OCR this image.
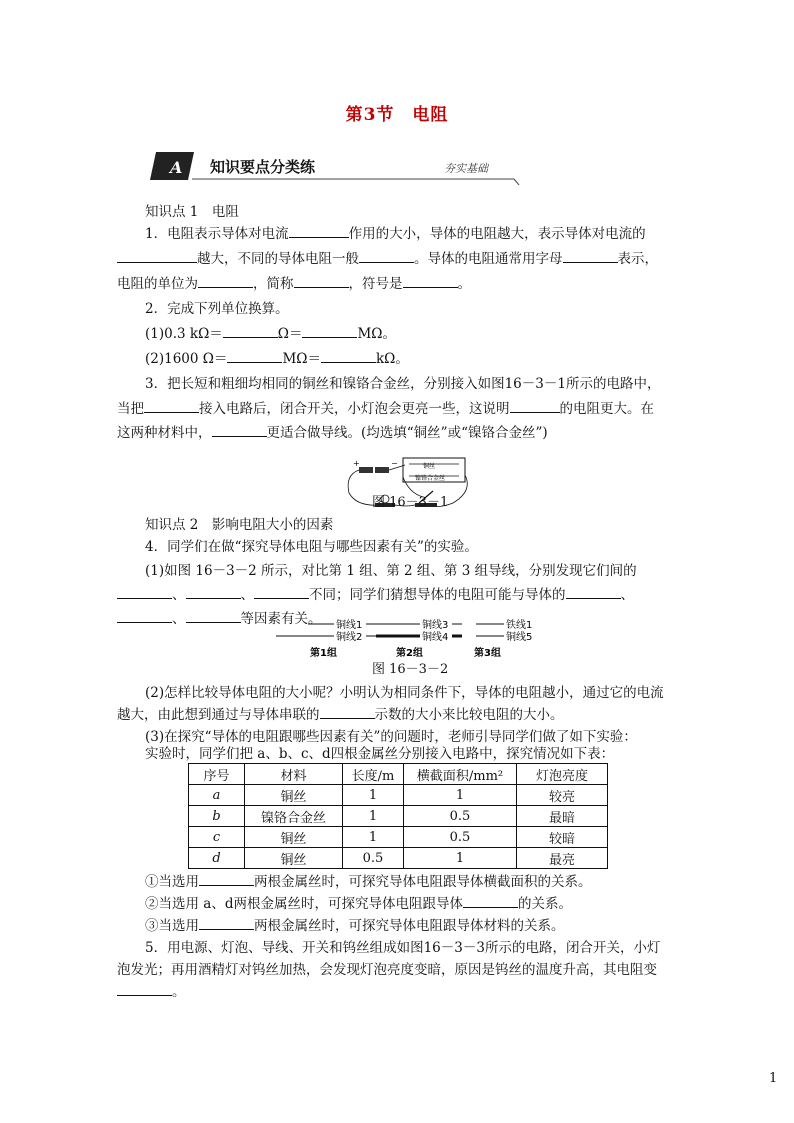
第3节 电阻
A 知识要点分类练	夯实基础
知识点 1　电阻
1．电阻表示导体对电流	作用的大小，导体的电阻越大，表示导体对电流的
越大，不同的导体电阻一般	。导体的电阻通常用字母	表示，
电阻的单位为	，简称	，符号是	。
2．完成下列单位换算。
(1)0.3 kΩ＝	Ω＝	MΩ。
(2)1600 Ω＝	MΩ＝	kΩ。
3．把长短和粗细均相同的铜丝和镍铬合金丝，分别接入如图16－3－1所示的电路中，
当把	接入电路后，闭合开关，小灯泡会更亮一些，这说明	的电阻更大。在
这两种材料中，	更适合做导线。(均选填“铜丝”或“镍铬合金丝”)
铜丝
镍铬合金丝
+	−
图 16－3－1
知识点 2　影响电阻大小的因素
4．同学们在做“探究导体电阻与哪些因素有关”的实验。
(1)如图 16－3－2 所示，对比第 1 组、第 2 组、第 3 组导线，分别发现它们间的
、	、	不同；同学们猜想导体的电阻可能与导体的	、
、	等因素有关。 铜线1
铜线2
铜线3
铜线4
铁线1
铜线5
第1组	第2组	第3组
图 16－3－2
(2)怎样比较导体电阻的大小呢？小明认为相同条件下，导体的电阻越小，通过它的电流
越大，由此想到通过与导体串联的	示数的大小来比较电阻的大小。
(3)在探究“导体的电阻跟哪些因素有关”的问题时，老师引导同学们做了如下实验：
实验时，同学们把 a、b、c、d四根金属丝分别接入电路中，探究情况如下表：
序号	材料	长度/m	横截面积/mm²	灯泡亮度
a	铜丝	1	1	较亮
b	镍铬合金丝	1	0.5	最暗
c	铜丝	1	0.5	较暗
d	铜丝	0.5	1	最亮
①当选用	两根金属丝时，可探究导体电阻跟导体横截面积的关系。
②当选用 a、d两根金属丝时，可探究导体电阻跟导体	的关系。
③当选用	两根金属丝时，可探究导体电阻跟导体材料的关系。
5．用电源、灯泡、导线、开关和钨丝组成如图16－3－3所示的电路，闭合开关，小灯
泡发光；再用酒精灯对钨丝加热，会发现灯泡亮度变暗，原因是钨丝的温度升高，其电阻变
。
1
